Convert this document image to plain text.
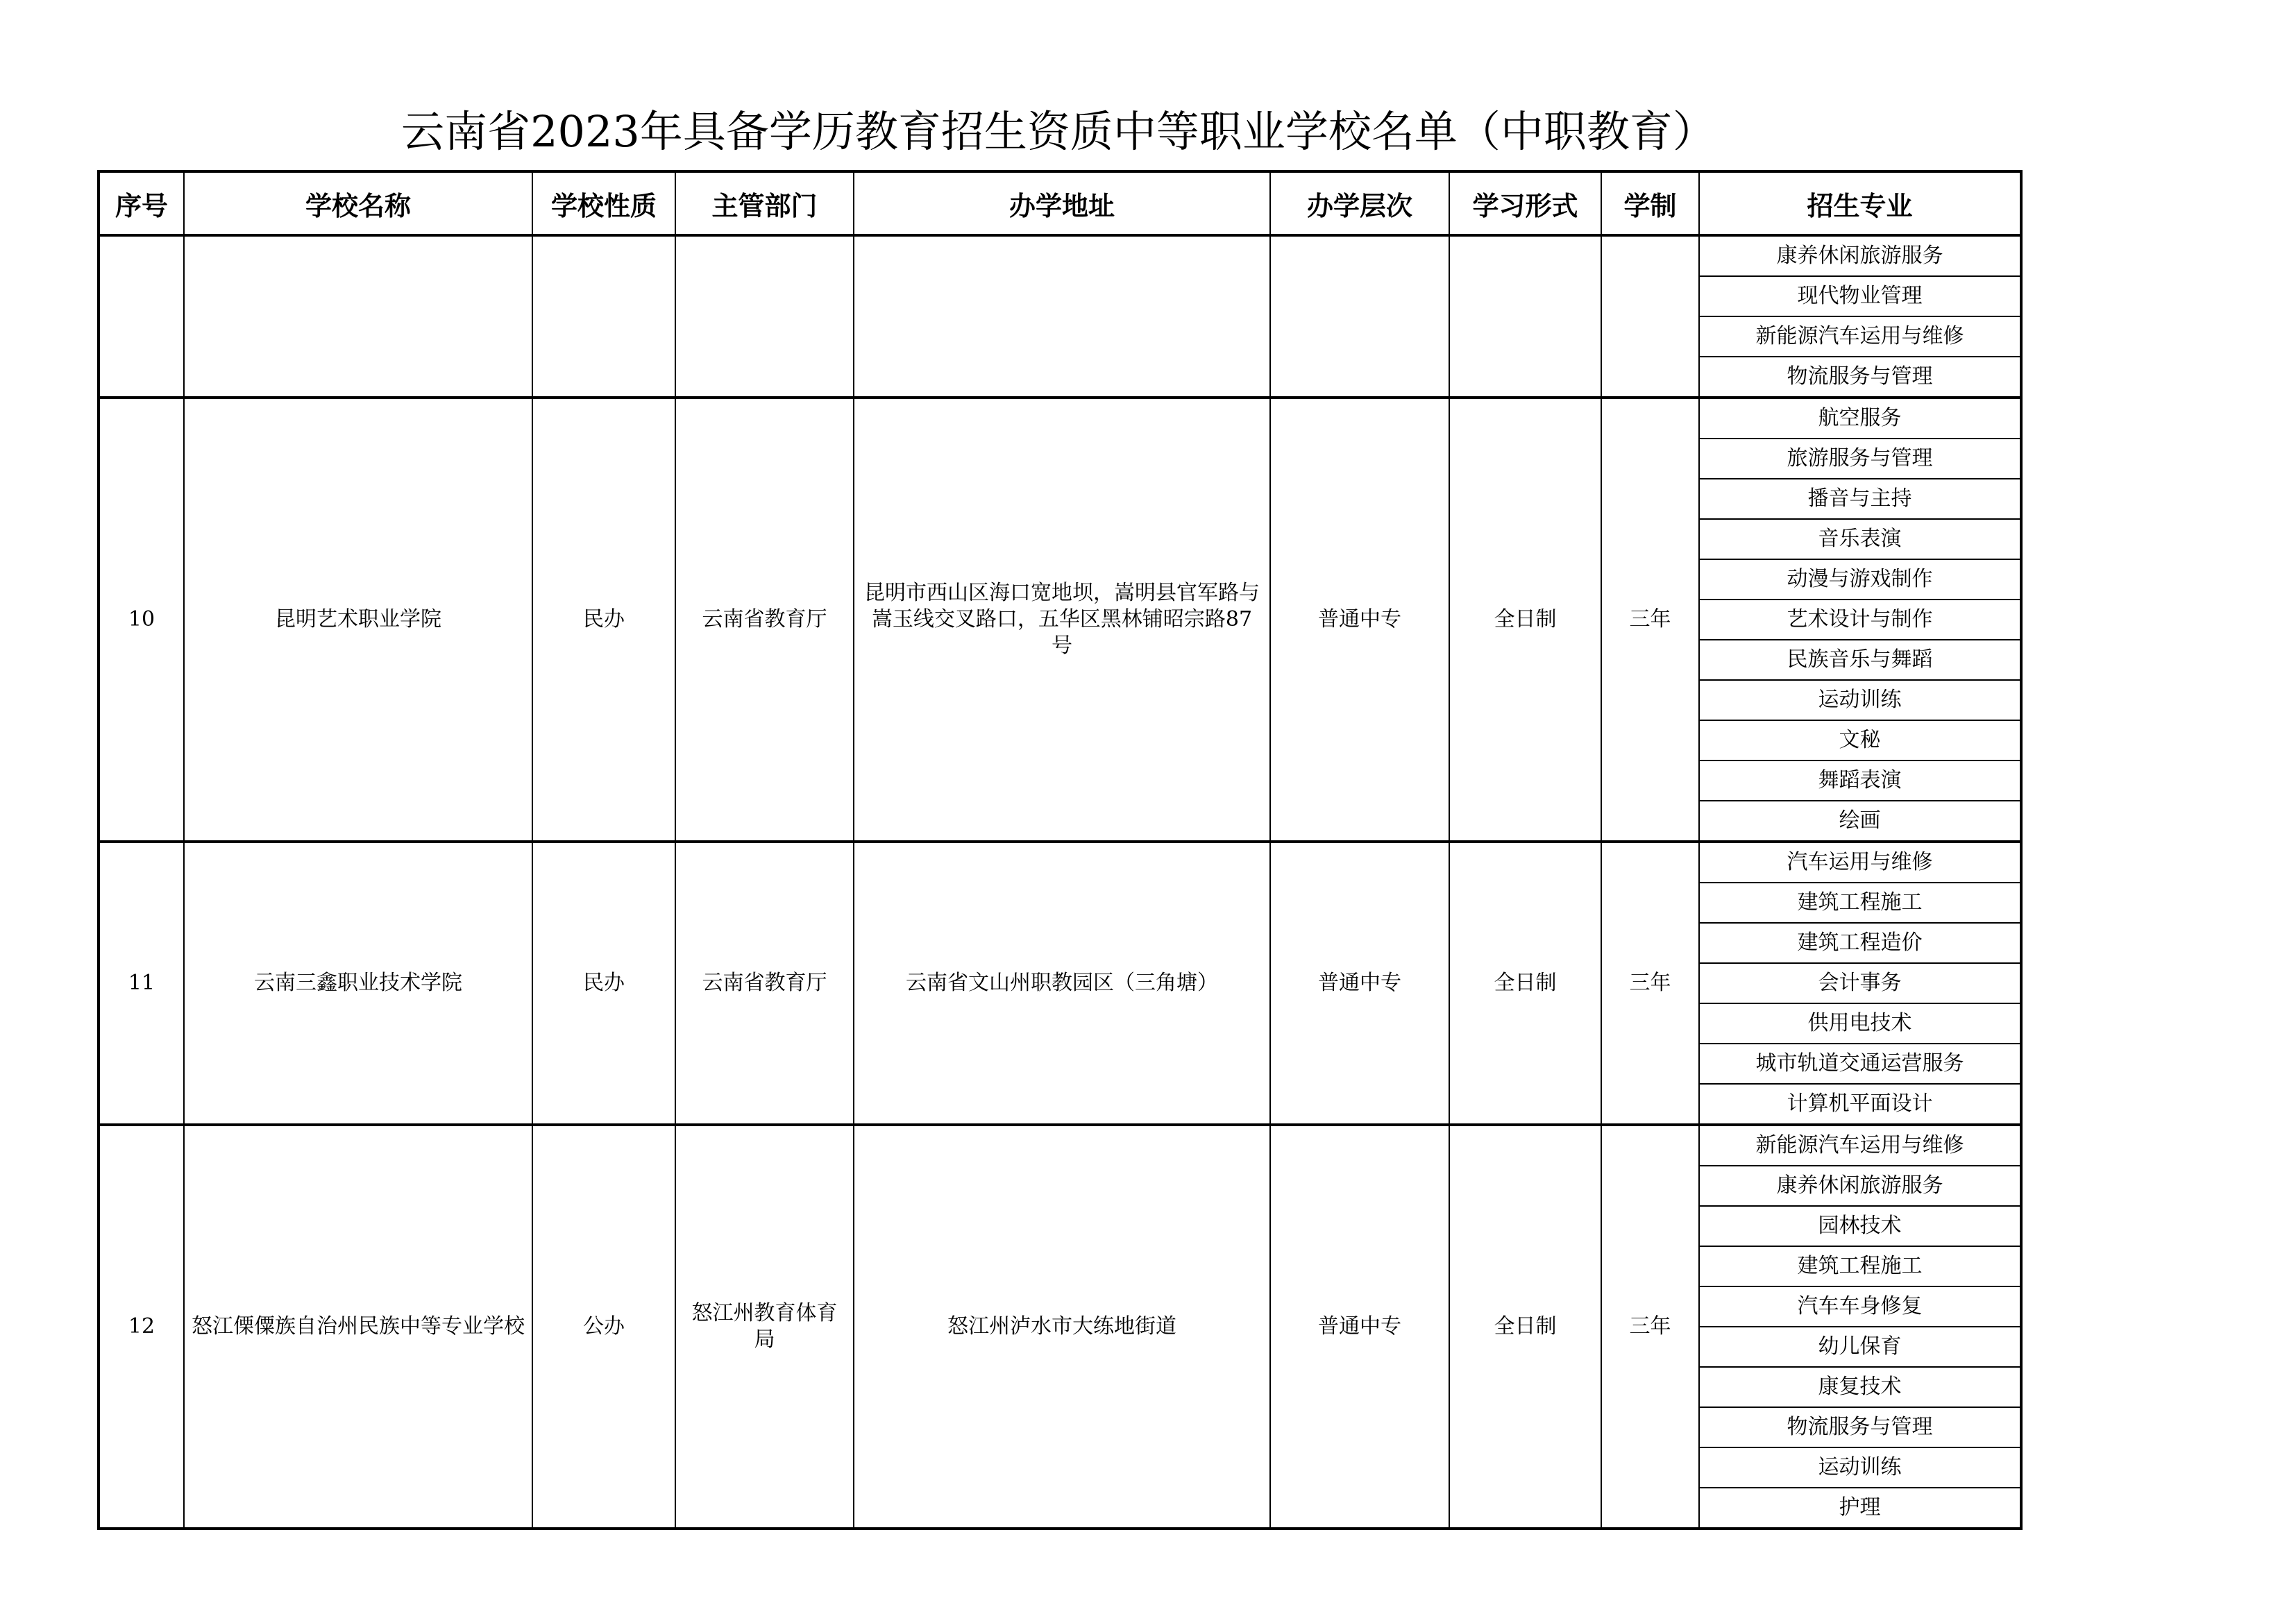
云南省2023年具备学历教育招生资质中等职业学校名单（中职教育）
序号	学校名称	学校性质	主管部门	办学地址	办学层次	学习形式	学制	招生专业
								康养休闲旅游服务
								现代物业管理
								新能源汽车运用与维修
								物流服务与管理
10	昆明艺术职业学院	民办	云南省教育厅	昆明市西山区海口宽地坝，嵩明县官军路与嵩玉线交叉路口，五华区黑林铺昭宗路87号	普通中专	全日制	三年	航空服务
								旅游服务与管理
								播音与主持
								音乐表演
								动漫与游戏制作
								艺术设计与制作
								民族音乐与舞蹈
								运动训练
								文秘
								舞蹈表演
								绘画
11	云南三鑫职业技术学院	民办	云南省教育厅	云南省文山州职教园区（三角塘）	普通中专	全日制	三年	汽车运用与维修
								建筑工程施工
								建筑工程造价
								会计事务
								供用电技术
								城市轨道交通运营服务
								计算机平面设计
12	怒江傈僳族自治州民族中等专业学校	公办	怒江州教育体育局	怒江州泸水市大练地街道	普通中专	全日制	三年	新能源汽车运用与维修
								康养休闲旅游服务
								园林技术
								建筑工程施工
								汽车车身修复
								幼儿保育
								康复技术
								物流服务与管理
								运动训练
								护理
